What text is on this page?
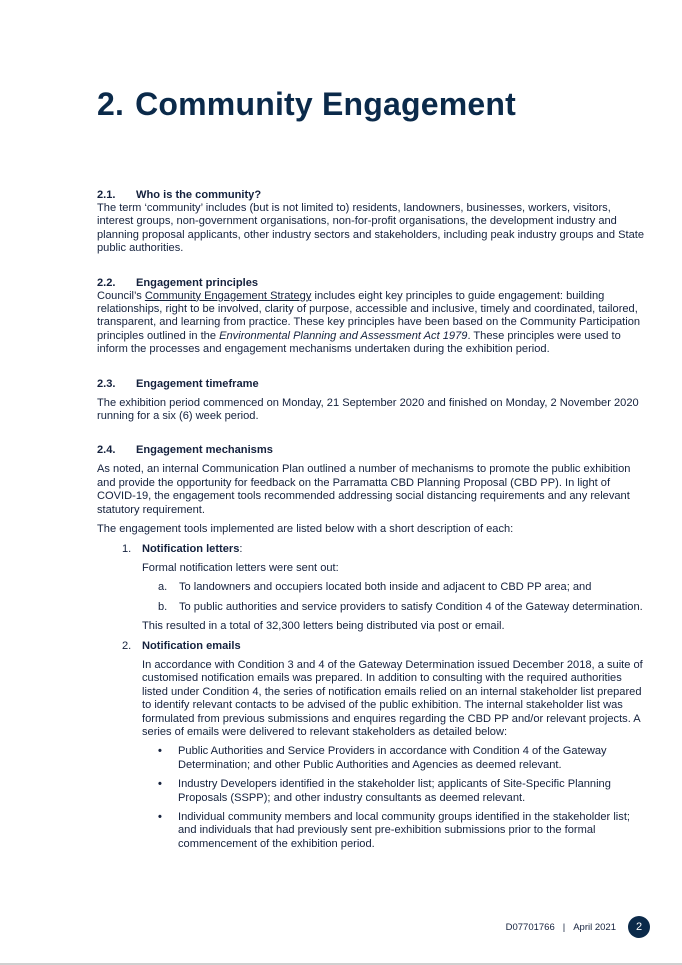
2. Community Engagement
2.1.	Who is the community?

The term ‘community’ includes (but is not limited to) residents, landowners, businesses, workers, visitors, interest groups, non-government organisations, non-for-profit organisations, the development industry and planning proposal applicants, other industry sectors and stakeholders, including peak industry groups and State public authorities.

2.2.	Engagement principles

Council’s Community Engagement Strategy includes eight key principles to guide engagement: building relationships, right to be involved, clarity of purpose, accessible and inclusive, timely and coordinated, tailored, transparent, and learning from practice. These key principles have been based on the Community Participation principles outlined in the Environmental Planning and Assessment Act 1979. These principles were used to inform the processes and engagement mechanisms undertaken during the exhibition period.

2.3.	Engagement timeframe

The exhibition period commenced on Monday, 21 September 2020 and finished on Monday, 2 November 2020 running for a six (6) week period.

2.4.	Engagement mechanisms

As noted, an internal Communication Plan outlined a number of mechanisms to promote the public exhibition and provide the opportunity for feedback on the Parramatta CBD Planning Proposal (CBD PP). In light of COVID-19, the engagement tools recommended addressing social distancing requirements and any relevant statutory requirement.

The engagement tools implemented are listed below with a short description of each:

1. Notification letters:

Formal notification letters were sent out:

a. To landowners and occupiers located both inside and adjacent to CBD PP area; and

b. To public authorities and service providers to satisfy Condition 4 of the Gateway determination.

This resulted in a total of 32,300 letters being distributed via post or email.

2. Notification emails

In accordance with Condition 3 and 4 of the Gateway Determination issued December 2018, a suite of customised notification emails was prepared. In addition to consulting with the required authorities listed under Condition 4, the series of notification emails relied on an internal stakeholder list prepared to identify relevant contacts to be advised of the public exhibition. The internal stakeholder list was formulated from previous submissions and enquires regarding the CBD PP and/or relevant projects. A series of emails were delivered to relevant stakeholders as detailed below:

• Public Authorities and Service Providers in accordance with Condition 4 of the Gateway Determination; and other Public Authorities and Agencies as deemed relevant.

• Industry Developers identified in the stakeholder list; applicants of Site-Specific Planning Proposals (SSPP); and other industry consultants as deemed relevant.

• Individual community members and local community groups identified in the stakeholder list; and individuals that had previously sent pre-exhibition submissions prior to the formal commencement of the exhibition period.

D07701766 | April 2021	2
